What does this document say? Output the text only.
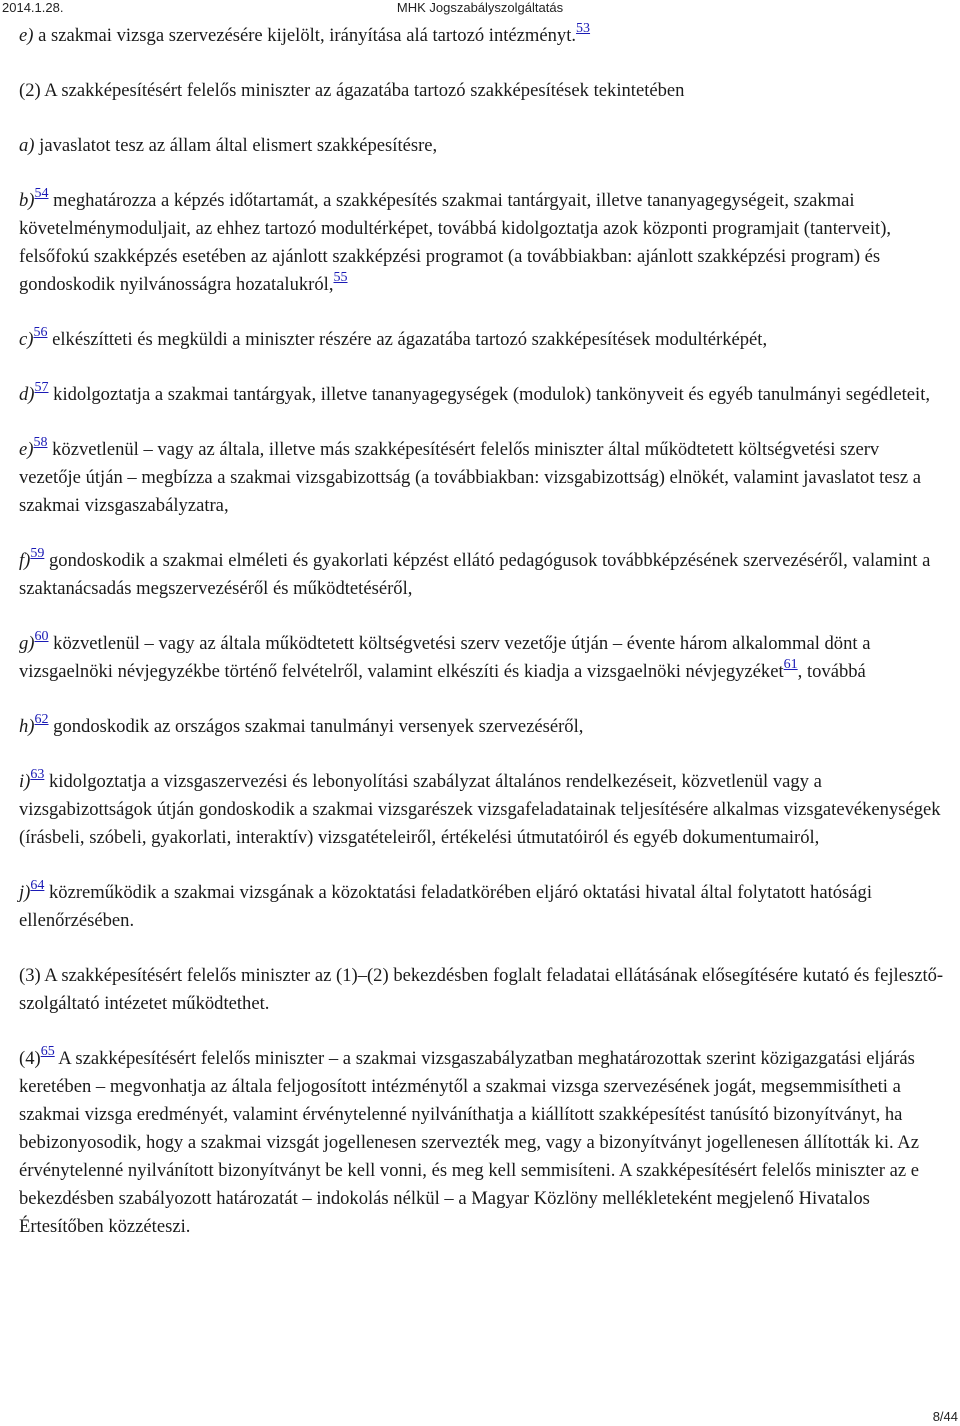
2014.1.28.	MHK Jogszabályszolgáltatás

e) a szakmai vizsga szervezésére kijelölt, irányítása alá tartozó intézményt.$^{53}$

(2) A szakképesítésért felelős miniszter az ágazatába tartozó szakképesítések tekintetében

a) javaslatot tesz az állam által elismert szakképesítésre,

b)$^{54}$ meghatározza a képzés időtartamát, a szakképesítés szakmai tantárgyait, illetve tananyagegységeit, szakmai követelménymoduljait, az ehhez tartozó modultérképet, továbbá kidolgoztatja azok központi programjait (tanterveit), felsőfokú szakképzés esetében az ajánlott szakképzési programot (a továbbiakban: ajánlott szakképzési program) és gondoskodik nyilvánosságra hozatalukról,$^{55}$

c)$^{56}$ elkészítteti és megküldi a miniszter részére az ágazatába tartozó szakképesítések modultérképét,

d)$^{57}$ kidolgoztatja a szakmai tantárgyak, illetve tananyagegységek (modulok) tankönyveit és egyéb tanulmányi segédleteit,

e)$^{58}$ közvetlenül – vagy az általa, illetve más szakképesítésért felelős miniszter által működtetett költségvetési szerv vezetője útján – megbízza a szakmai vizsgabizottság (a továbbiakban: vizsgabizottság) elnökét, valamint javaslatot tesz a szakmai vizsgaszabályzatra,

f)$^{59}$ gondoskodik a szakmai elméleti és gyakorlati képzést ellátó pedagógusok továbbképzésének szervezéséről, valamint a szaktanácsadás megszervezéséről és működtetéséről,

g)$^{60}$ közvetlenül – vagy az általa működtetett költségvetési szerv vezetője útján – évente három alkalommal dönt a vizsgaelnöki névjegyzékbe történő felvételről, valamint elkészíti és kiadja a vizsgaelnöki névjegyzéket$^{61}$, továbbá

h)$^{62}$ gondoskodik az országos szakmai tanulmányi versenyek szervezéséről,

i)$^{63}$ kidolgoztatja a vizsgaszervezési és lebonyolítási szabályzat általános rendelkezéseit, közvetlenül vagy a vizsgabizottságok útján gondoskodik a szakmai vizsgarészek vizsgafeladatainak teljesítésére alkalmas vizsgatevékenységek (írásbeli, szóbeli, gyakorlati, interaktív) vizsgatételeiről, értékelési útmutatóiról és egyéb dokumentumairól,

j)$^{64}$ közreműködik a szakmai vizsgának a közoktatási feladatkörében eljáró oktatási hivatal által folytatott hatósági ellenőrzésében.

(3) A szakképesítésért felelős miniszter az (1)–(2) bekezdésben foglalt feladatai ellátásának elősegítésére kutató és fejlesztő-szolgáltató intézetet működtethet.

(4)$^{65}$ A szakképesítésért felelős miniszter – a szakmai vizsgaszabályzatban meghatározottak szerint közigazgatási eljárás keretében – megvonhatja az általa feljogosított intézménytől a szakmai vizsga szervezésének jogát, megsemmisítheti a szakmai vizsga eredményét, valamint érvénytelenné nyilváníthatja a kiállított szakképesítést tanúsító bizonyítványt, ha bebizonyosodik, hogy a szakmai vizsgát jogellenesen szervezték meg, vagy a bizonyítványt jogellenesen állították ki. Az érvénytelenné nyilvánított bizonyítványt be kell vonni, és meg kell semmisíteni. A szakképesítésért felelős miniszter az e bekezdésben szabályozott határozatát – indokolás nélkül – a Magyar Közlöny mellékleteként megjelenő Hivatalos Értesítőben közzéteszi.

8/44
